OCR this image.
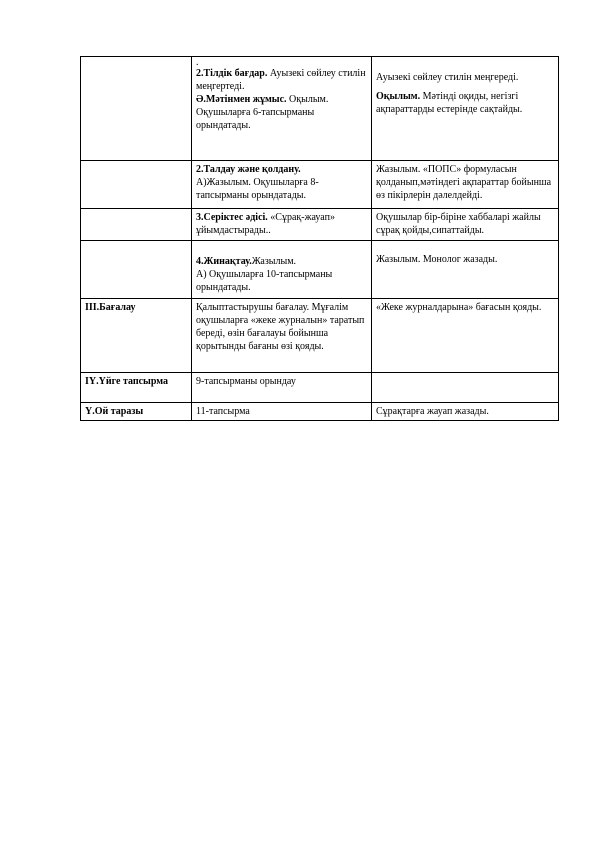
	.
2.Тілдік бағдар. Ауызекі сөйлеу стилін меңгертеді.
Ә.Мәтінмен жұмыс. Оқылым. Оқушыларға 6-тапсырманы орындатады.	Ауызекі сөйлеу стилін меңгереді.
Оқылым. Мәтінді оқиды, негізгі ақпараттарды естерінде сақтайды.

	2.Талдау және қолдану.
А)Жазылым. Оқушыларға 8-тапсырманы орындатады.	Жазылым. «ПОПС» формуласын қолданып,мәтіндегі ақпараттар бойынша өз пікірлерін дәлелдейді.

	3.Серіктес әдісі. «Сұрақ-жауап» ұйымдастырады..	Оқушылар бір-біріне хаббаларі жайлы сұрақ қойды,сипаттайды.

	4.Жинақтау.Жазылым.
А) Оқушыларға 10-тапсырманы орындатады.	Жазылым. Монолог жазады.

ІІІ.Бағалау	Қалыптастырушы бағалау. Мұғалім оқушыларға «жеке журналын» таратып береді, өзін бағалауы бойынша қорытынды бағаны өзі қояды.	«Жеке журналдарына» бағасын қояды.

ІҮ.Үйге тапсырма	9-тапсырманы орындау	

Ү.Ой таразы	11-тапсырма	Сұрақтарға жауап жазады.
